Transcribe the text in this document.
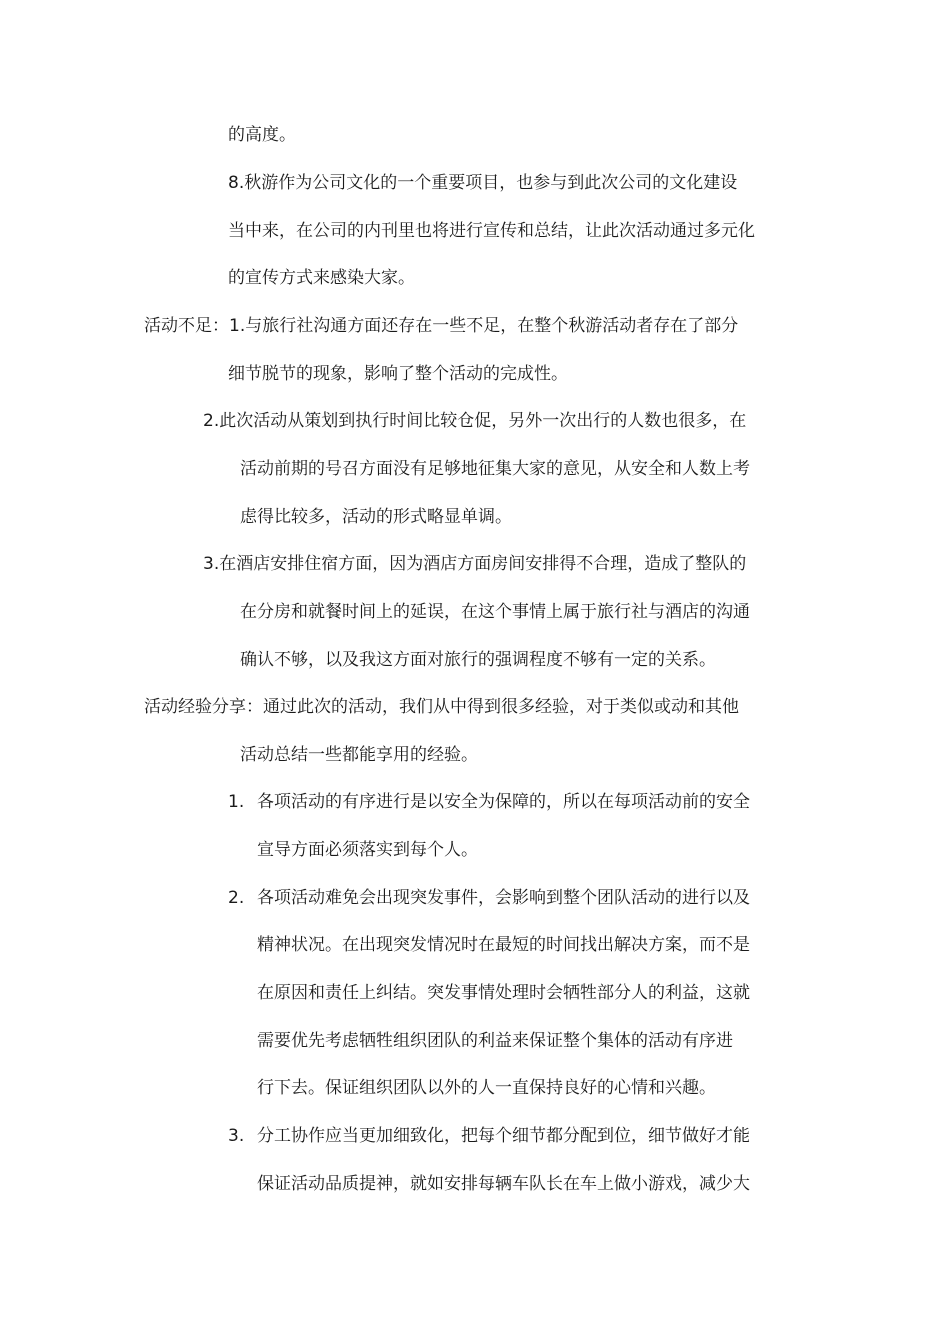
的高度。

8.秋游作为公司文化的一个重要项目，也参与到此次公司的文化建设

当中来，在公司的内刊里也将进行宣传和总结，让此次活动通过多元化

的宣传方式来感染大家。

活动不足：1.与旅行社沟通方面还存在一些不足，在整个秋游活动者存在了部分

细节脱节的现象，影响了整个活动的完成性。

2.此次活动从策划到执行时间比较仓促，另外一次出行的人数也很多，在

活动前期的号召方面没有足够地征集大家的意见，从安全和人数上考

虑得比较多，活动的形式略显单调。

3.在酒店安排住宿方面，因为酒店方面房间安排得不合理，造成了整队的

在分房和就餐时间上的延误，在这个事情上属于旅行社与酒店的沟通

确认不够，以及我这方面对旅行的强调程度不够有一定的关系。

活动经验分享：通过此次的活动，我们从中得到很多经验，对于类似或动和其他

活动总结一些都能享用的经验。

1. 各项活动的有序进行是以安全为保障的，所以在每项活动前的安全

宣导方面必须落实到每个人。

2. 各项活动难免会出现突发事件，会影响到整个团队活动的进行以及

精神状况。在出现突发情况时在最短的时间找出解决方案，而不是

在原因和责任上纠结。突发事情处理时会牺牲部分人的利益，这就

需要优先考虑牺牲组织团队的利益来保证整个集体的活动有序进

行下去。保证组织团队以外的人一直保持良好的心情和兴趣。

3. 分工协作应当更加细致化，把每个细节都分配到位，细节做好才能

保证活动品质提神，就如安排每辆车队长在车上做小游戏，减少大
